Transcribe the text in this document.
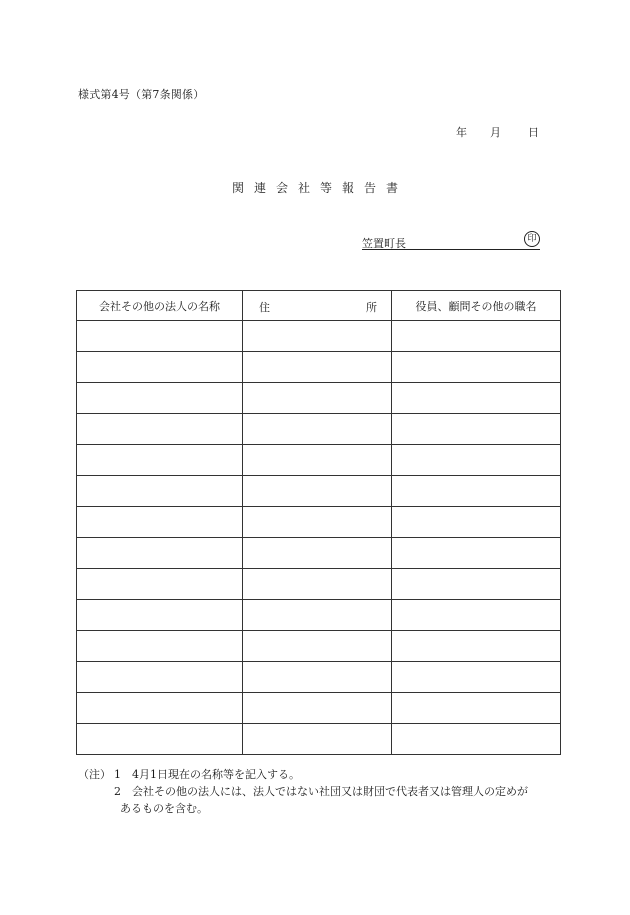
様式第4号（第7条関係）
年 月 日
関連会社等報告書
笠置町長	印
会社その他の法人の名称	住 所	役員、顧問その他の職名

（注） 1 4月1日現在の名称等を記入する。
2 会社その他の法人には、法人ではない社団又は財団で代表者又は管理人の定めが
あるものを含む。
